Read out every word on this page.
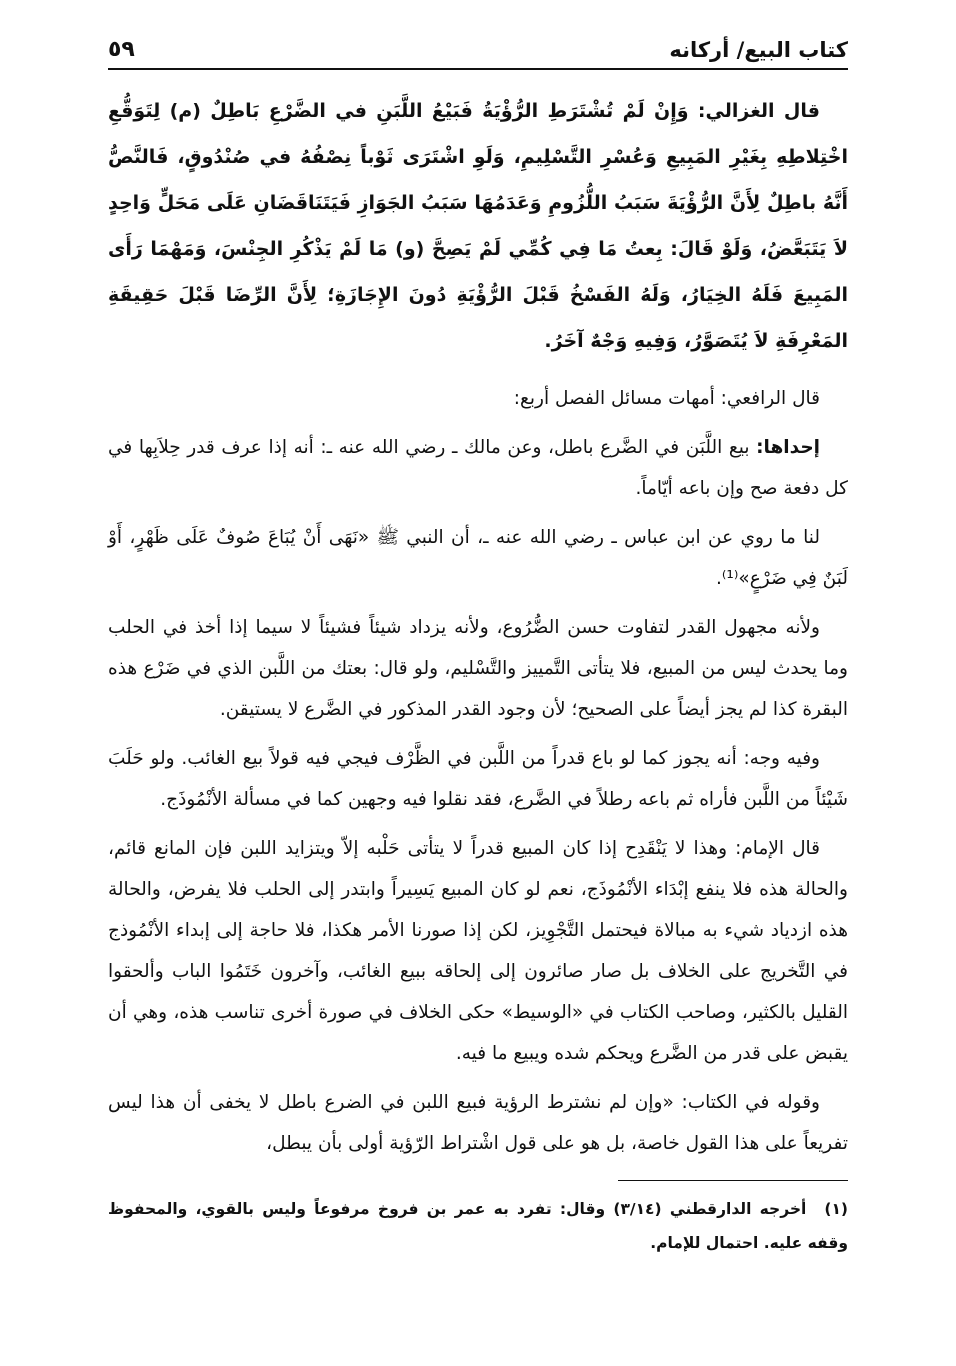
كتاب البيع/ أركانه
٥٩

قال الغزالي: وَإِنْ لَمْ تُشْتَرَطِ الرُّؤْيَةُ فَبَيْعُ اللَّبَنِ في الضَّرْعِ بَاطِلٌ (م) لِتَوَقُّعِ اخْتِلاطِهِ بِغَيْرِ المَبِيعِ وَعُسْرِ التَّسْلِيمِ، وَلَوِ اشْتَرَى ثَوْباً نِصْفُهُ في صُنْدُوقٍ، فَالنَّصُّ أَنَّهُ باطِلٌ لِأَنَّ الرُّؤْيَةَ سَبَبُ اللُّزُومِ وَعَدَمُهَا سَبَبُ الجَوَازِ فَيَتَنَاقَضَانِ عَلَى مَحَلٍّ وَاحِدٍ لاَ يَتَبَعَّضُ، وَلَوْ قَالَ: بِعتُ مَا فِي كُمِّي لَمْ يَصِحَّ (و) مَا لَمْ يَذْكُرِ الجِنْسَ، وَمَهْمَا رَأَى المَبِيعَ فَلَهُ الخِيَارُ، وَلَهُ الفَسْخُ قَبْلَ الرُّؤْيَةِ دُونَ الإِجَازَةِ؛ لِأَنَّ الرِّضَا قَبْلَ حَقِيقَةِ المَعْرِفَةِ لاَ يُتَصَوَّرُ، وَفِيهِ وَجْهٌ آخَرُ.

قال الرافعي: أمهات مسائل الفصل أربع:

إحداها: بيع اللَّبَن في الضَّرع باطل، وعن مالك ـ رضي الله عنه ـ: أنه إذا عرف قدر حِلاَبِها في كل دفعة صح وإن باعه أيّاماً.

لنا ما روي عن ابن عباس ـ رضي الله عنه ـ، أن النبي ﷺ «نَهَى أَنْ يُبَاعَ صُوفٌ عَلَى ظَهْرٍ، أَوْ لَبَنٌ فِي ضَرْعٍ»⁽¹⁾.

ولأنه مجهول القدر لتفاوت حسن الضُّرُوع، ولأنه يزداد شيئاً فشيئاً لا سيما إذا أخذ في الحلب وما يحدث ليس من المبيع، فلا يتأتى التَّمييز والتَّسْليم، ولو قال: بعتك من اللَّبن الذي في ضَرْع هذه البقرة كذا لم يجز أيضاً على الصحيح؛ لأن وجود القدر المذكور في الضَّرع لا يستيقن.

وفيه وجه: أنه يجوز كما لو باع قدراً من اللَّبن في الظَّرْف فيجي فيه قولاً بيع الغائب. ولو حَلَبَ شَيْئاً من اللَّبن فأراه ثم باعه رطلاً في الضَّرع، فقد نقلوا فيه وجهين كما في مسألة الأنْمُوذَج.

قال الإمام: وهذا لا يَنْقَدِح إذا كان المبيع قدراً لا يتأتى حَلْبه إلاّ ويتزايد اللبن فإن المانع قائم، والحالة هذه فلا ينفع إبْدَاء الأنْمُوذَج، نعم لو كان المبيع يَسِيراً وابتدر إلى الحلب فلا يفرض، والحالة هذه ازدياد شيء به مبالاة فيحتمل التَّجْوِيز، لكن إذا صورنا الأمر هكذا، فلا حاجة إلى إبداء الأنْمُوذج في التَّخريج على الخلاف بل صار صائرون إلى إلحاقه ببيع الغائب، وآخرون خَتَمُوا الباب وألحقوا القليل بالكثير، وصاحب الكتاب في «الوسيط» حكى الخلاف في صورة أخرى تناسب هذه، وهي أن يقبض على قدر من الضَّرع ويحكم شده ويبيع ما فيه.

وقوله في الكتاب: «وإن لم نشترط الرؤية فبيع اللبن في الضرع باطل لا يخفى أن هذا ليس تفريعاً على هذا القول خاصة، بل هو على قول اشْتراط الرّؤية أولى بأن يبطل،

(١)أخرجه الدارقطني (٣/١٤) وقال: تفرد به عمر بن فروخ مرفوعاً وليس بالقوي، والمحفوظ وقفه عليه. احتمال للإمام.
